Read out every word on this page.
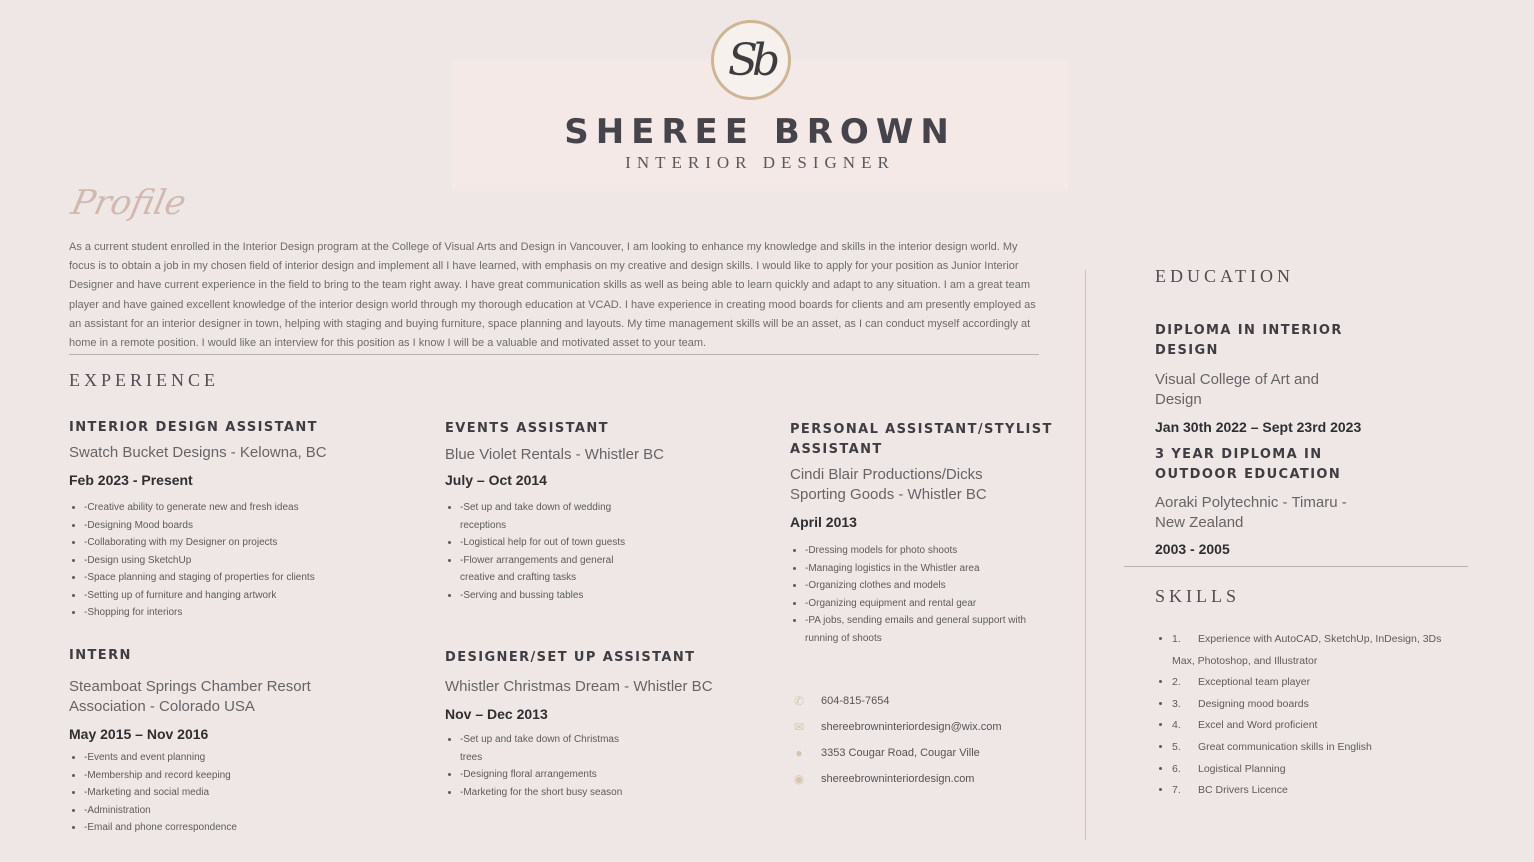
Sb
SHEREE BROWN
INTERIOR DESIGNER
Profile
As a current student enrolled in the Interior Design program at the College of Visual Arts and Design in Vancouver, I am looking to enhance my knowledge and skills in the interior design world. My focus is to obtain a job in my chosen field of interior design and implement all I have learned, with emphasis on my creative and design skills. I would like to apply for your position as Junior Interior Designer and have current experience in the field to bring to the team right away. I have great communication skills as well as being able to learn quickly and adapt to any situation. I am a great team player and have gained excellent knowledge of the interior design world through my thorough education at VCAD. I have experience in creating mood boards for clients and am presently employed as an assistant for an interior designer in town, helping with staging and buying furniture, space planning and layouts. My time management skills will be an asset, as I can conduct myself accordingly at home in a remote position. I would like an interview for this position as I know I will be a valuable and motivated asset to your team.
EXPERIENCE
INTERIOR DESIGN ASSISTANT
Swatch Bucket Designs - Kelowna, BC
Feb 2023 - Present
• -Creative ability to generate new and fresh ideas
• -Designing Mood boards
• -Collaborating with my Designer on projects
• -Design using SketchUp
• -Space planning and staging of properties for clients
• -Setting up of furniture and hanging artwork
• -Shopping for interiors
EVENTS ASSISTANT
Blue Violet Rentals - Whistler BC
July – Oct 2014
• -Set up and take down of wedding receptions
• -Logistical help for out of town guests
• -Flower arrangements and general creative and crafting tasks
• -Serving and bussing tables
PERSONAL ASSISTANT/STYLIST ASSISTANT
Cindi Blair Productions/Dicks Sporting Goods - Whistler BC
April 2013
• -Dressing models for photo shoots
• -Managing logistics in the Whistler area
• -Organizing clothes and models
• -Organizing equipment and rental gear
• -PA jobs, sending emails and general support with running of shoots
INTERN
Steamboat Springs Chamber Resort Association - Colorado USA
May 2015 – Nov 2016
• -Events and event planning
• -Membership and record keeping
• -Marketing and social media
• -Administration
• -Email and phone correspondence
DESIGNER/SET UP ASSISTANT
Whistler Christmas Dream - Whistler BC
Nov – Dec 2013
• -Set up and take down of Christmas trees
• -Designing floral arrangements
• -Marketing for the short busy season
✆ 604-815-7654
✉ shereebrowninteriordesign@wix.com
●	3353 Cougar Road, Cougar Ville
◉ shereebrowninteriordesign.com
EDUCATION
DIPLOMA IN INTERIOR DESIGN
Visual College of Art and Design
Jan 30th 2022 – Sept 23rd 2023
3 YEAR DIPLOMA IN OUTDOOR EDUCATION
Aoraki Polytechnic - Timaru - New Zealand
2003 - 2005
SKILLS
• 1. Experience with AutoCAD, SketchUp, InDesign, 3Ds Max, Photoshop, and Illustrator
• 2. Exceptional team player
• 3. Designing mood boards
• 4. Excel and Word proficient
• 5. Great communication skills in English
• 6. Logistical Planning
• 7. BC Drivers Licence
